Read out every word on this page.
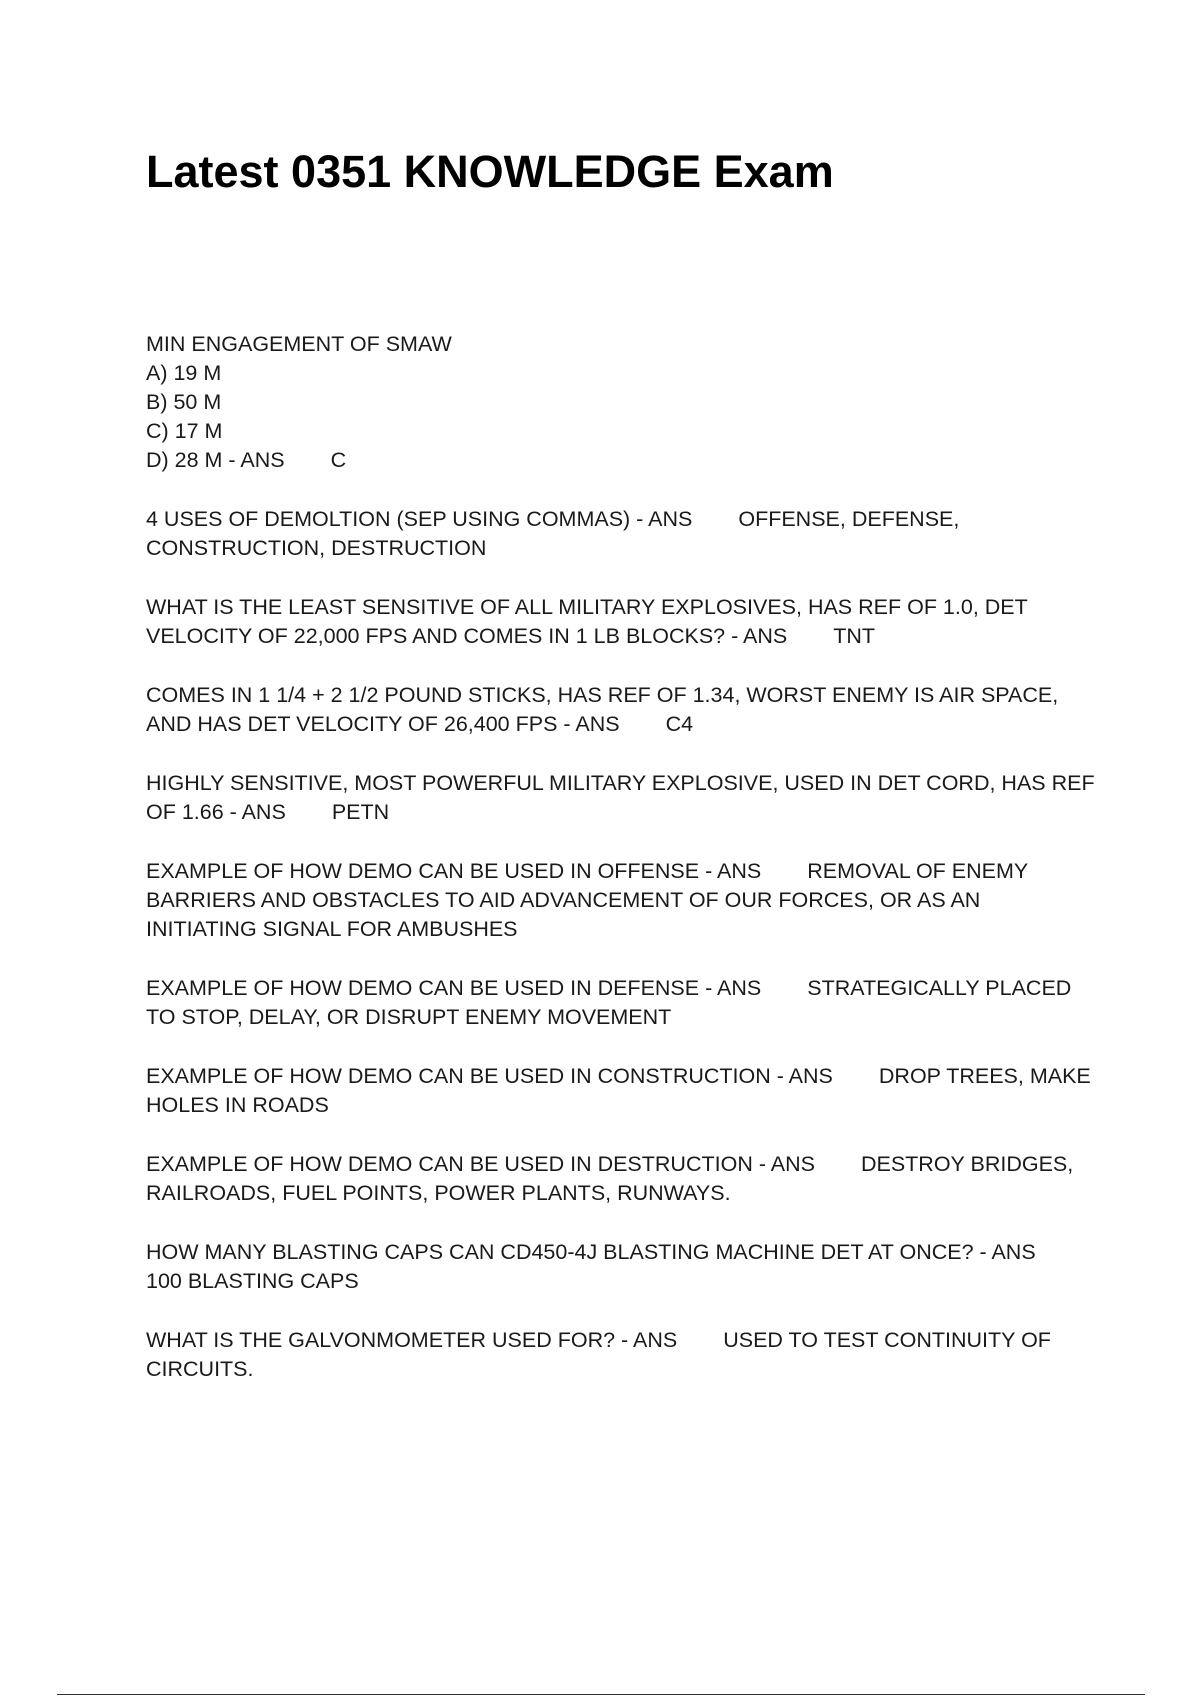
Latest 0351 KNOWLEDGE Exam

MIN ENGAGEMENT OF SMAW

A) 19 M

B) 50 M

C) 17 M

D) 28 M - ANS C

4 USES OF DEMOLTION (SEP USING COMMAS) - ANS OFFENSE, DEFENSE, CONSTRUCTION, DESTRUCTION
WHAT IS THE LEAST SENSITIVE OF ALL MILITARY EXPLOSIVES, HAS REF OF 1.0, DET VELOCITY OF 22,000 FPS AND COMES IN 1 LB BLOCKS? - ANS TNT
COMES IN 1 1/4 + 2 1/2 POUND STICKS, HAS REF OF 1.34, WORST ENEMY IS AIR SPACE, AND HAS DET VELOCITY OF 26,400 FPS - ANS C4
HIGHLY SENSITIVE, MOST POWERFUL MILITARY EXPLOSIVE, USED IN DET CORD, HAS REF OF 1.66 - ANS PETN
EXAMPLE OF HOW DEMO CAN BE USED IN OFFENSE - ANS REMOVAL OF ENEMY BARRIERS AND OBSTACLES TO AID ADVANCEMENT OF OUR FORCES, OR AS AN INITIATING SIGNAL FOR AMBUSHES
EXAMPLE OF HOW DEMO CAN BE USED IN DEFENSE - ANS STRATEGICALLY PLACED TO STOP, DELAY, OR DISRUPT ENEMY MOVEMENT
EXAMPLE OF HOW DEMO CAN BE USED IN CONSTRUCTION - ANS DROP TREES, MAKE HOLES IN ROADS
EXAMPLE OF HOW DEMO CAN BE USED IN DESTRUCTION - ANS DESTROY BRIDGES, RAILROADS, FUEL POINTS, POWER PLANTS, RUNWAYS.
HOW MANY BLASTING CAPS CAN CD450-4J BLASTING MACHINE DET AT ONCE? - ANS100 BLASTING CAPS
WHAT IS THE GALVONMOMETER USED FOR? - ANS USED TO TEST CONTINUITY OF CIRCUITS.
